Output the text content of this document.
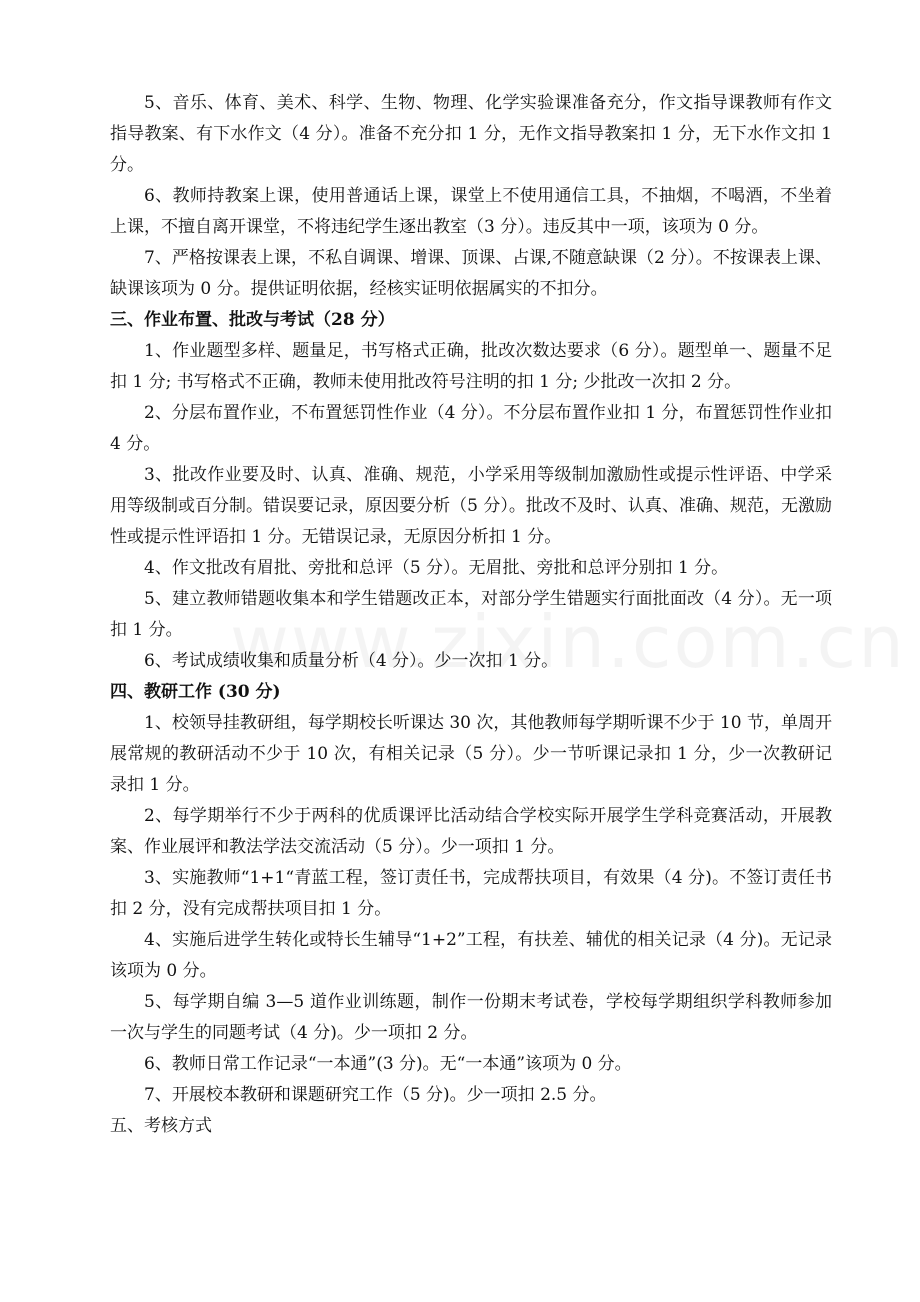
5、音乐、体育、美术、科学、生物、物理、化学实验课准备充分，作文指导课教师有作文指导教案、有下水作文（4 分）。准备不充分扣 1 分，无作文指导教案扣 1 分，无下水作文扣 1 分。

6、教师持教案上课，使用普通话上课，课堂上不使用通信工具，不抽烟，不喝酒，不坐着上课，不擅自离开课堂，不将违纪学生逐出教室（3 分）。违反其中一项，该项为 0 分。

7、严格按课表上课，不私自调课、增课、顶课、占课,不随意缺课（2 分）。不按课表上课、缺课该项为 0 分。提供证明依据，经核实证明依据属实的不扣分。

三、作业布置、批改与考试（28 分）

1、作业题型多样、题量足，书写格式正确，批改次数达要求（6 分）。题型单一、题量不足扣 1 分; 书写格式不正确，教师未使用批改符号注明的扣 1 分; 少批改一次扣 2 分。

2、分层布置作业，不布置惩罚性作业（4 分）。不分层布置作业扣 1 分，布置惩罚性作业扣 4 分。

3、批改作业要及时、认真、准确、规范，小学采用等级制加激励性或提示性评语、中学采用等级制或百分制。错误要记录，原因要分析（5 分）。批改不及时、认真、准确、规范，无激励性或提示性评语扣 1 分。无错误记录，无原因分析扣 1 分。

4、作文批改有眉批、旁批和总评（5 分）。无眉批、旁批和总评分别扣 1 分。

5、建立教师错题收集本和学生错题改正本，对部分学生错题实行面批面改（4 分）。无一项扣 1 分。

6、考试成绩收集和质量分析（4 分）。少一次扣 1 分。

四、教研工作 (30 分)

1、校领导挂教研组，每学期校长听课达 30 次，其他教师每学期听课不少于 10 节，单周开展常规的教研活动不少于 10 次，有相关记录（5 分）。少一节听课记录扣 1 分，少一次教研记录扣 1 分。

2、每学期举行不少于两科的优质课评比活动结合学校实际开展学生学科竞赛活动，开展教案、作业展评和教法学法交流活动（5 分）。少一项扣 1 分。

3、实施教师“1+1“青蓝工程，签订责任书，完成帮扶项目，有效果（4 分)。不签订责任书扣 2 分，没有完成帮扶项目扣 1 分。

4、实施后进学生转化或特长生辅导“1+2”工程，有扶差、辅优的相关记录（4 分)。无记录该项为 0 分。

5、每学期自编 3—5 道作业训练题，制作一份期末考试卷，学校每学期组织学科教师参加一次与学生的同题考试（4 分)。少一项扣 2 分。

6、教师日常工作记录“一本通”(3 分)。无“一本通”该项为 0 分。

7、开展校本教研和课题研究工作（5 分)。少一项扣 2.5 分。

五、考核方式
